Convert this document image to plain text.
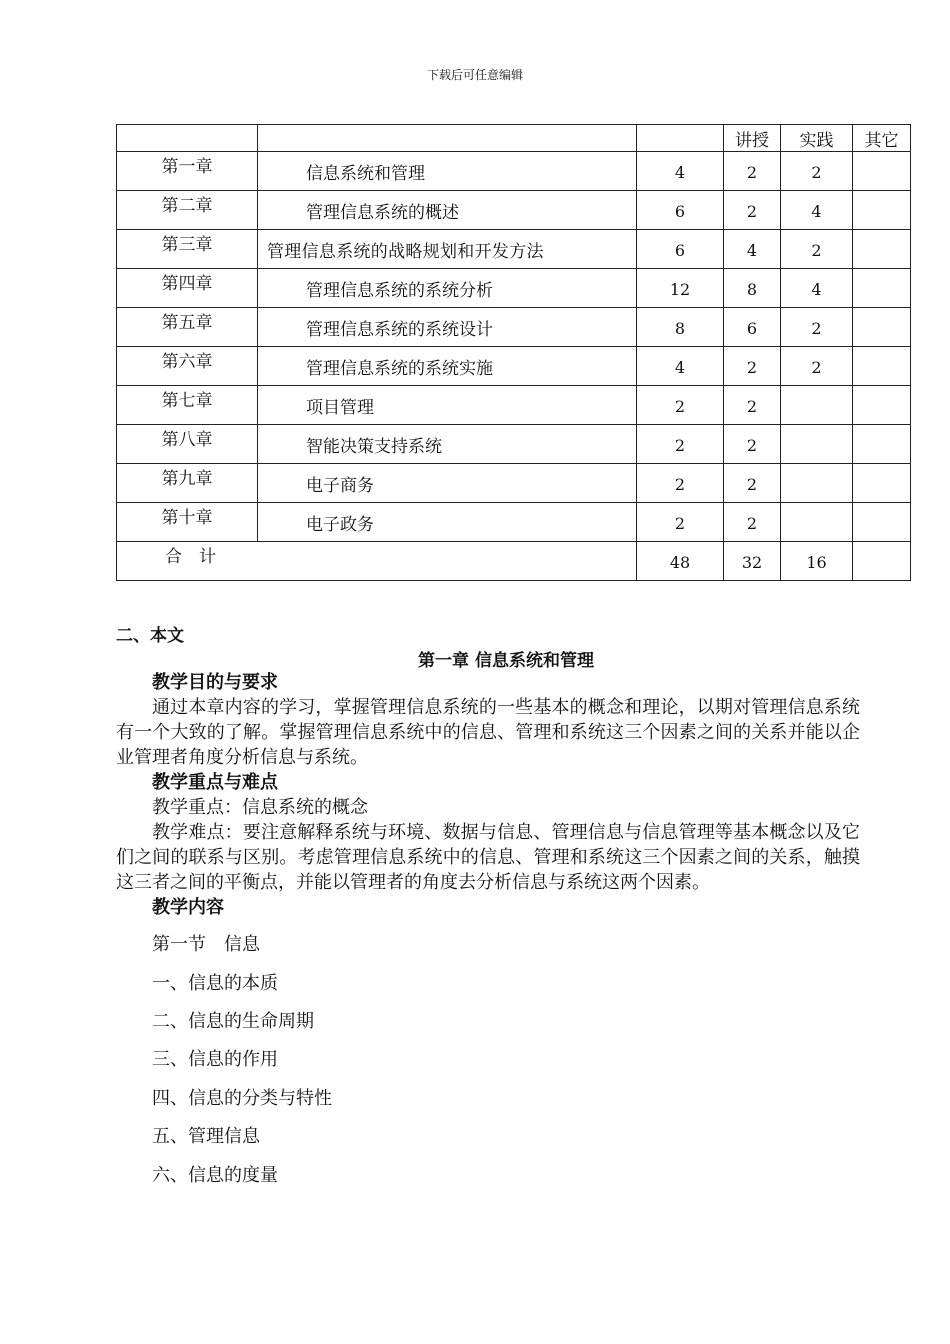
下载后可任意编辑
			讲授	实践	其它
第一章	信息系统和管理	4	2	2	
第二章	管理信息系统的概述	6	2	4	
第三章	管理信息系统的战略规划和开发方法	6	4	2	
第四章	管理信息系统的系统分析	12	8	4	
第五章	管理信息系统的系统设计	8	6	2	
第六章	管理信息系统的系统实施	4	2	2	
第七章	项目管理	2	2		
第八章	智能决策支持系统	2	2		
第九章	电子商务	2	2		
第十章	电子政务	2	2		
合　计		48	32	16	
二、本文
第一章 信息系统和管理
教学目的与要求
通过本章内容的学习，掌握管理信息系统的一些基本的概念和理论，以期对管理信息系统有一个大致的了解。掌握管理信息系统中的信息、管理和系统这三个因素之间的关系并能以企业管理者角度分析信息与系统。
教学重点与难点
教学重点：信息系统的概念
教学难点：要注意解释系统与环境、数据与信息、管理信息与信息管理等基本概念以及它们之间的联系与区别。考虑管理信息系统中的信息、管理和系统这三个因素之间的关系，触摸这三者之间的平衡点，并能以管理者的角度去分析信息与系统这两个因素。
教学内容
第一节　信息
一、信息的本质
二、信息的生命周期
三、信息的作用
四、信息的分类与特性
五、管理信息
六、信息的度量
